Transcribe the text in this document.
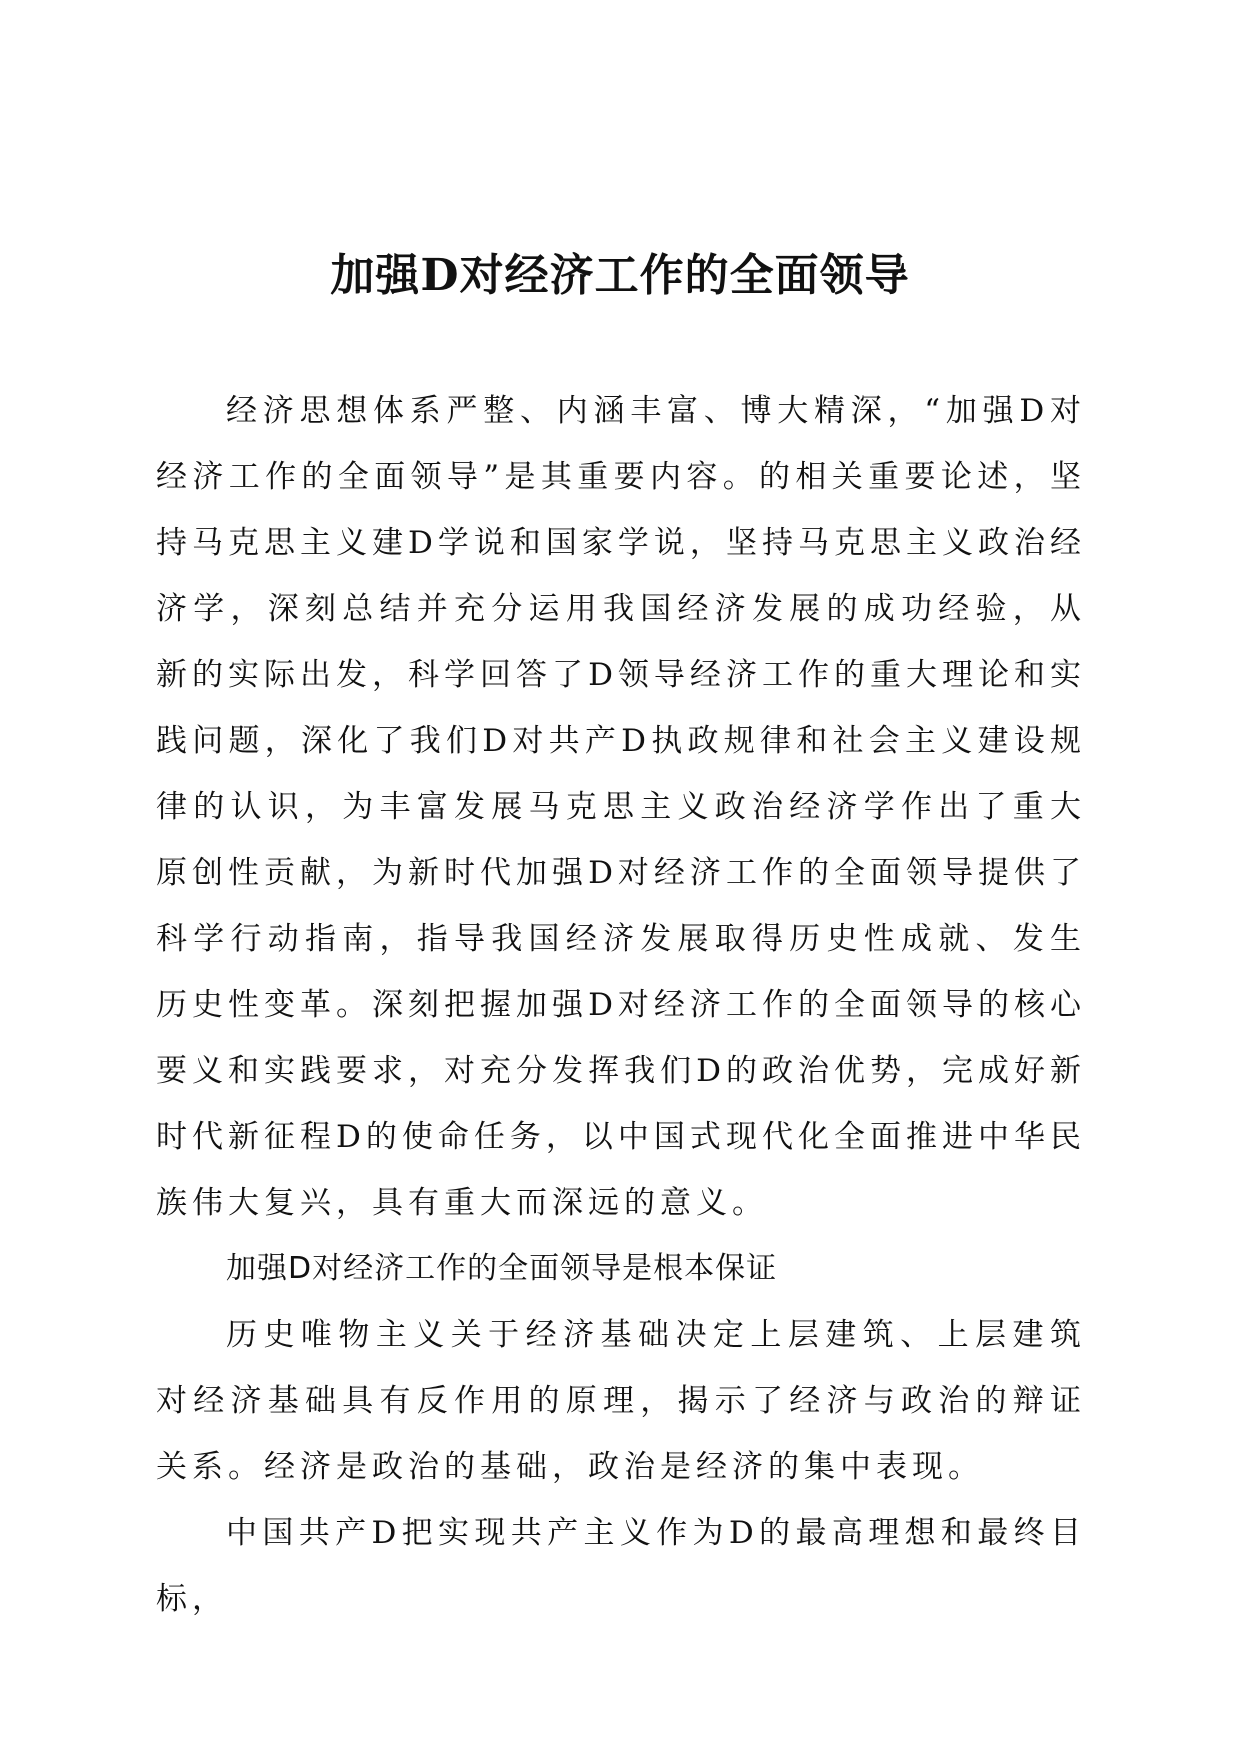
加强D对经济工作的全面领导

经济思想体系严整、内涵丰富、博大精深，“加强D对经济工作的全面领导”是其重要内容。的相关重要论述，坚持马克思主义建D学说和国家学说，坚持马克思主义政治经济学，深刻总结并充分运用我国经济发展的成功经验，从新的实际出发，科学回答了D领导经济工作的重大理论和实践问题，深化了我们D对共产D执政规律和社会主义建设规律的认识，为丰富发展马克思主义政治经济学作出了重大原创性贡献，为新时代加强D对经济工作的全面领导提供了科学行动指南，指导我国经济发展取得历史性成就、发生历史性变革。深刻把握加强D对经济工作的全面领导的核心要义和实践要求，对充分发挥我们D的政治优势，完成好新时代新征程D的使命任务，以中国式现代化全面推进中华民族伟大复兴，具有重大而深远的意义。

加强D对经济工作的全面领导是根本保证

历史唯物主义关于经济基础决定上层建筑、上层建筑对经济基础具有反作用的原理，揭示了经济与政治的辩证关系。经济是政治的基础，政治是经济的集中表现。

中国共产D把实现共产主义作为D的最高理想和最终目标，
